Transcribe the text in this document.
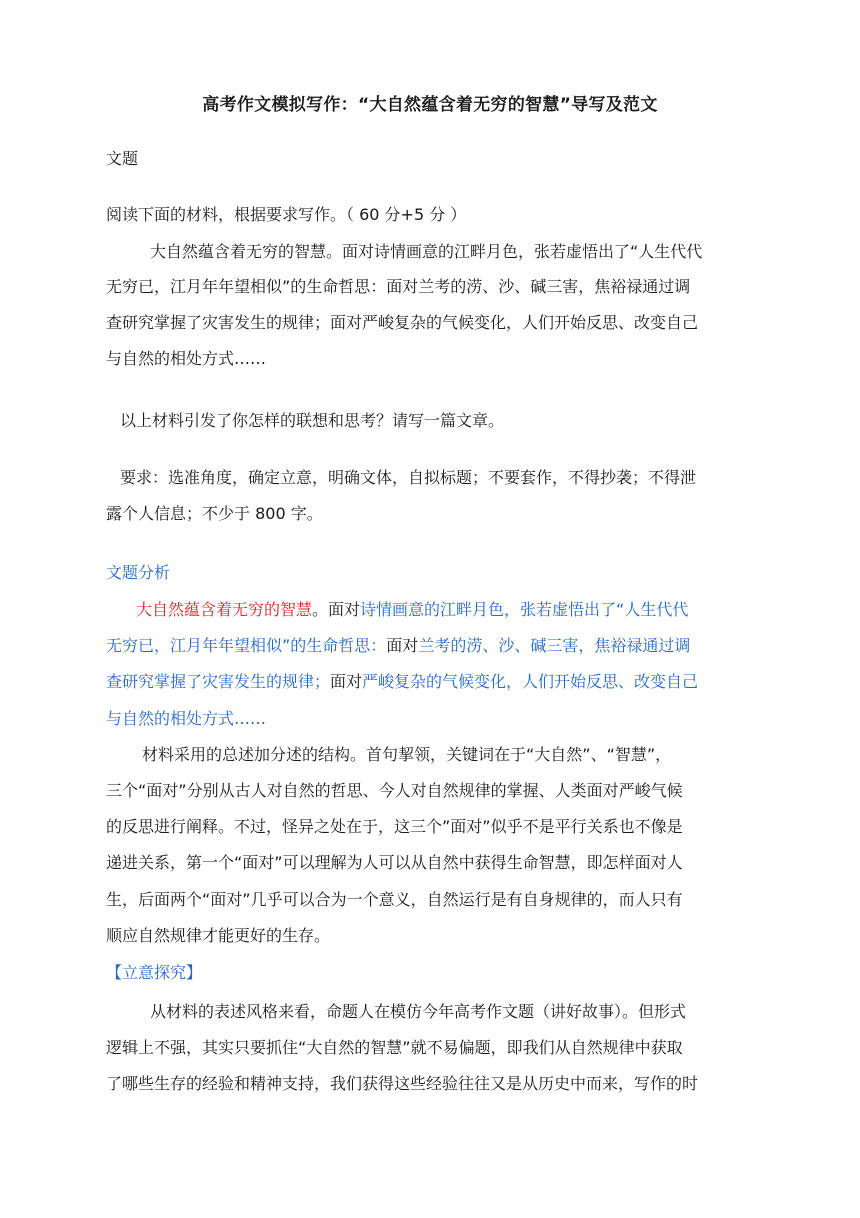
高考作文模拟写作：“大自然蕴含着无穷的智慧”导写及范文
文题
阅读下面的材料，根据要求写作。（ 60 分+5 分 ）
大自然蕴含着无穷的智慧。面对诗情画意的江畔月色，张若虚悟出了“人生代代
无穷已，江月年年望相似”的生命哲思：面对兰考的涝、沙、碱三害，焦裕禄通过调
查研究掌握了灾害发生的规律；面对严峻复杂的气候变化，人们开始反思、改变自己
与自然的相处方式……
以上材料引发了你怎样的联想和思考？请写一篇文章。
要求：选准角度，确定立意，明确文体，自拟标题；不要套作，不得抄袭；不得泄
露个人信息；不少于 800 字。
文题分析
大自然蕴含着无穷的智慧。面对诗情画意的江畔月色，张若虚悟出了“人生代代
无穷已，江月年年望相似”的生命哲思：面对兰考的涝、沙、碱三害，焦裕禄通过调
查研究掌握了灾害发生的规律；面对严峻复杂的气候变化，人们开始反思、改变自己
与自然的相处方式……
材料采用的总述加分述的结构。首句挈领，关键词在于“大自然”、“智慧”，
三个“面对”分别从古人对自然的哲思、今人对自然规律的掌握、人类面对严峻气候
的反思进行阐释。不过，怪异之处在于，这三个”面对”似乎不是平行关系也不像是
递进关系，第一个“面对”可以理解为人可以从自然中获得生命智慧，即怎样面对人
生，后面两个“面对”几乎可以合为一个意义，自然运行是有自身规律的，而人只有
顺应自然规律才能更好的生存。
【立意探究】
从材料的表述风格来看，命题人在模仿今年高考作文题（讲好故事）。但形式
逻辑上不强，其实只要抓住“大自然的智慧”就不易偏题，即我们从自然规律中获取
了哪些生存的经验和精神支持，我们获得这些经验往往又是从历史中而来，写作的时
